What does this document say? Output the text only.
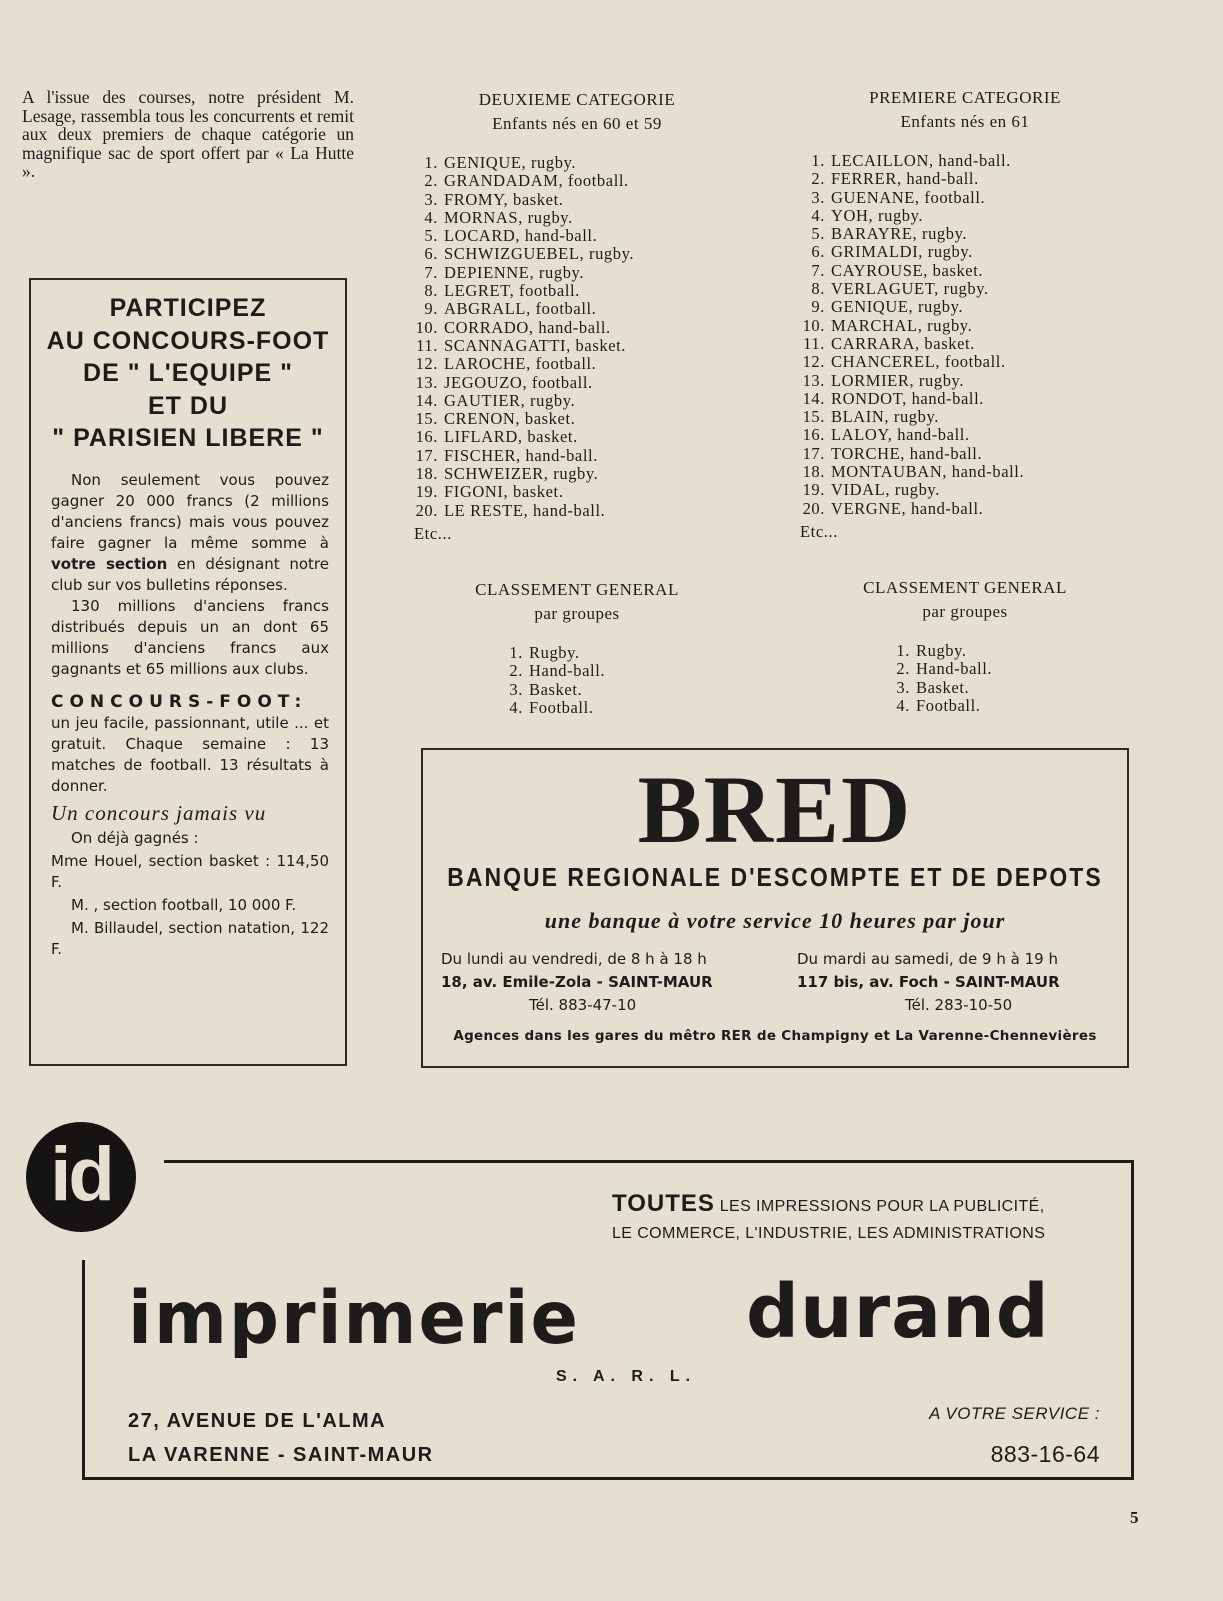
A l'issue des courses, notre président M. Lesage, rassembla tous les concurrents et remit aux deux premiers de chaque catégorie un magnifique sac de sport offert par « La Hutte ».
DEUXIEME CATEGORIE
Enfants nés en 60 et 59
1. GENIQUE, rugby.
2. GRANDADAM, football.
3. FROMY, basket.
4. MORNAS, rugby.
5. LOCARD, hand-ball.
6. SCHWIZGUEBEL, rugby.
7. DEPIENNE, rugby.
8. LEGRET, football.
9. ABGRALL, football.
10. CORRADO, hand-ball.
11. SCANNAGATTI, basket.
12. LAROCHE, football.
13. JEGOUZO, football.
14. GAUTIER, rugby.
15. CRENON, basket.
16. LIFLARD, basket.
17. FISCHER, hand-ball.
18. SCHWEIZER, rugby.
19. FIGONI, basket.
20. LE RESTE, hand-ball.
Etc...
CLASSEMENT GENERAL
par groupes
1. Rugby.
2. Hand-ball.
3. Basket.
4. Football.
PREMIERE CATEGORIE
Enfants nés en 61
1. LECAILLON, hand-ball.
2. FERRER, hand-ball.
3. GUENANE, football.
4. YOH, rugby.
5. BARAYRE, rugby.
6. GRIMALDI, rugby.
7. CAYROUSE, basket.
8. VERLAGUET, rugby.
9. GENIQUE, rugby.
10. MARCHAL, rugby.
11. CARRARA, basket.
12. CHANCEREL, football.
13. LORMIER, rugby.
14. RONDOT, hand-ball.
15. BLAIN, rugby.
16. LALOY, hand-ball.
17. TORCHE, hand-ball.
18. MONTAUBAN, hand-ball.
19. VIDAL, rugby.
20. VERGNE, hand-ball.
Etc...
CLASSEMENT GENERAL
par groupes
1. Rugby.
2. Hand-ball.
3. Basket.
4. Football.
PARTICIPEZ
AU CONCOURS-FOOT
DE " L'EQUIPE "
ET DU
" PARISIEN LIBERE "

Non seulement vous pouvez gagner 20 000 francs (2 millions d'anciens francs) mais vous pouvez faire gagner la même somme à votre section en désignant notre club sur vos bulletins réponses.

130 millions d'anciens francs distribués depuis un an dont 65 millions d'anciens francs aux gagnants et 65 millions aux clubs.

CONCOURS-FOOT:

un jeu facile, passionnant, utile ... et gratuit. Chaque semaine : 13 matches de football. 13 résultats à donner.

Un concours jamais vu

On déjà gagnés :

Mme Houel, section basket : 114,50 F.

M. , section football, 10 000 F.

M. Billaudel, section natation, 122 F.

BRED
BANQUE REGIONALE D'ESCOMPTE ET DE DEPOTS
une banque à votre service 10 heures par jour
Du lundi au vendredi, de 8 h à 18 h
18, av. Emile-Zola - SAINT-MAUR
Tél. 883-47-10
Du mardi au samedi, de 9 h à 19 h
117 bis, av. Foch - SAINT-MAUR
Tél. 283-10-50
Agences dans les gares du mêtro RER de Champigny et La Varenne-Chennevières
id	TOUTES LES IMPRESSIONS POUR LA PUBLICITÉ,
LE COMMERCE, L'INDUSTRIE, LES ADMINISTRATIONS
imprimerie durand
S. A. R. L.
27, AVENUE DE L'ALMA
LA VARENNE - SAINT-MAUR
A VOTRE SERVICE :
883-16-64
5
